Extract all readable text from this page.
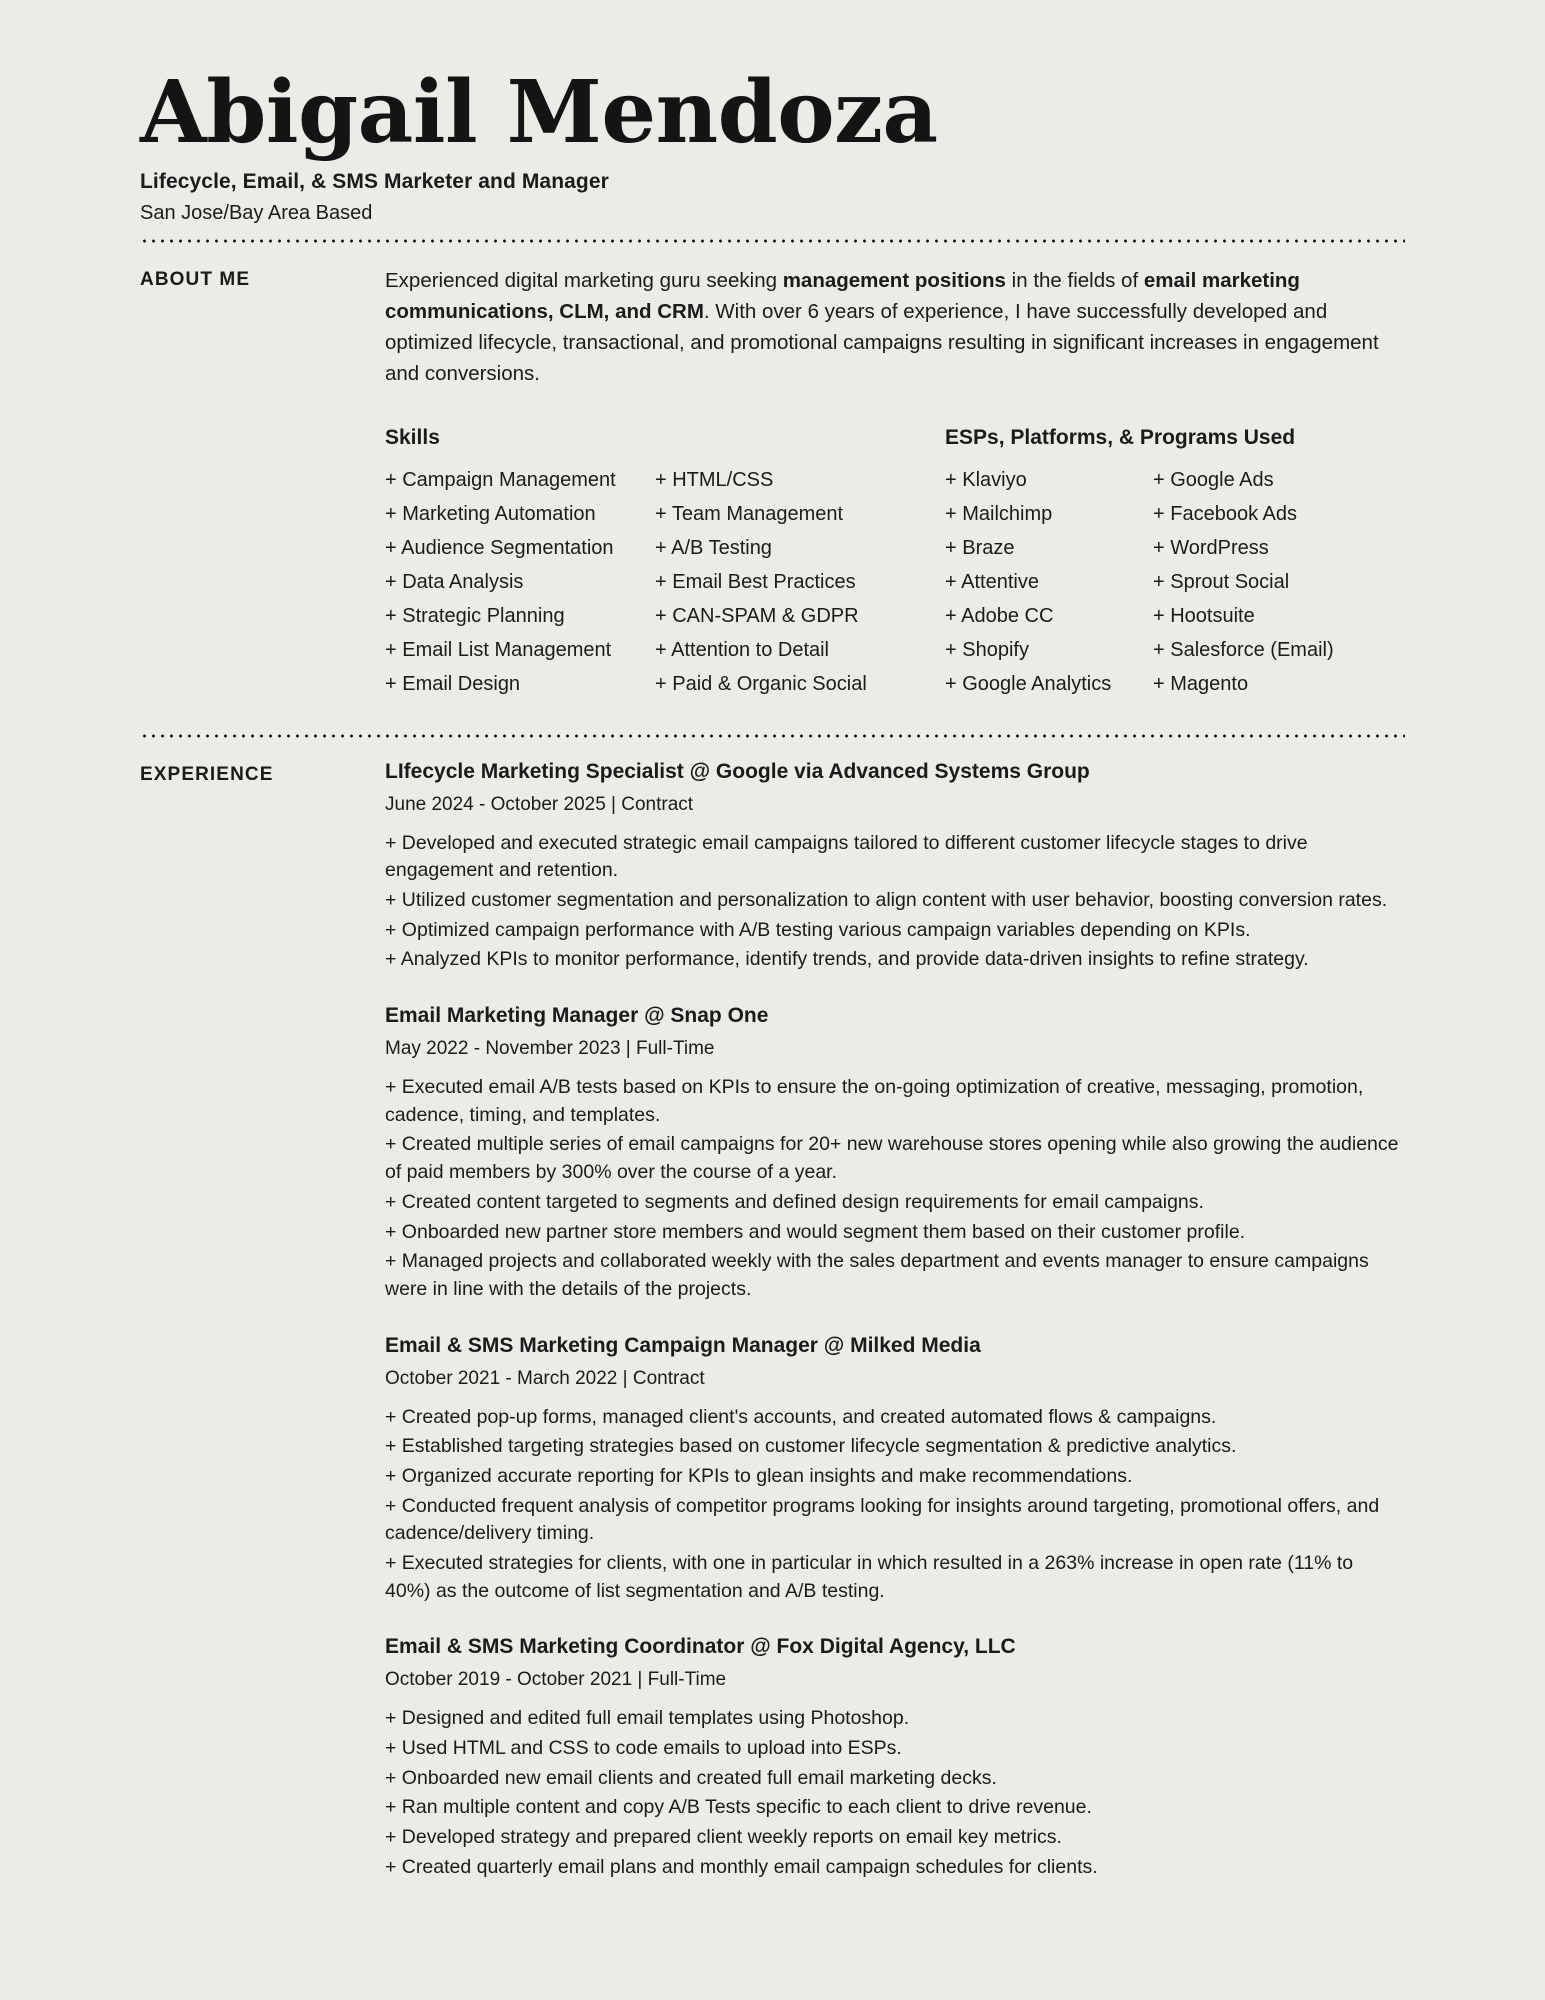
Abigail Mendoza
Lifecycle, Email, & SMS Marketer and Manager
San Jose/Bay Area Based
ABOUT ME	Experienced digital marketing guru seeking management positions in the fields of email marketing communications, CLM, and CRM. With over 6 years of experience, I have successfully developed and optimized lifecycle, transactional, and promotional campaigns resulting in significant increases in engagement and conversions.

Skills
+ Campaign Management
+ Marketing Automation
+ Audience Segmentation
+ Data Analysis
+ Strategic Planning
+ Email List Management
+ Email Design
+ HTML/CSS
+ Team Management
+ A/B Testing
+ Email Best Practices
+ CAN-SPAM & GDPR
+ Attention to Detail
+ Paid & Organic Social
ESPs, Platforms, & Programs Used
+ Klaviyo
+ Mailchimp
+ Braze
+ Attentive
+ Adobe CC
+ Shopify
+ Google Analytics
+ Google Ads
+ Facebook Ads
+ WordPress
+ Sprout Social
+ Hootsuite
+ Salesforce (Email)
+ Magento
EXPERIENCE	LIfecycle Marketing Specialist @ Google via Advanced Systems Group
June 2024 - October 2025 | Contract
+ Developed and executed strategic email campaigns tailored to different customer lifecycle stages to drive engagement and retention.
+ Utilized customer segmentation and personalization to align content with user behavior, boosting conversion rates.
+ Optimized campaign performance with A/B testing various campaign variables depending on KPIs.
+ Analyzed KPIs to monitor performance, identify trends, and provide data-driven insights to refine strategy.
Email Marketing Manager @ Snap One
May 2022 - November 2023 | Full-Time
+ Executed email A/B tests based on KPIs to ensure the on-going optimization of creative, messaging, promotion, cadence, timing, and templates.
+ Created multiple series of email campaigns for 20+ new warehouse stores opening while also growing the audience of paid members by 300% over the course of a year.
+ Created content targeted to segments and defined design requirements for email campaigns.
+ Onboarded new partner store members and would segment them based on their customer profile.
+ Managed projects and collaborated weekly with the sales department and events manager to ensure campaigns were in line with the details of the projects.
Email & SMS Marketing Campaign Manager @ Milked Media
October 2021 - March 2022 | Contract
+ Created pop-up forms, managed client's accounts, and created automated flows & campaigns.
+ Established targeting strategies based on customer lifecycle segmentation & predictive analytics.
+ Organized accurate reporting for KPIs to glean insights and make recommendations.
+ Conducted frequent analysis of competitor programs looking for insights around targeting, promotional offers, and cadence/delivery timing.
+ Executed strategies for clients, with one in particular in which resulted in a 263% increase in open rate (11% to 40%) as the outcome of list segmentation and A/B testing.
Email & SMS Marketing Coordinator @ Fox Digital Agency, LLC
October 2019 - October 2021 | Full-Time
+ Designed and edited full email templates using Photoshop.
+ Used HTML and CSS to code emails to upload into ESPs.
+ Onboarded new email clients and created full email marketing decks.
+ Ran multiple content and copy A/B Tests specific to each client to drive revenue.
+ Developed strategy and prepared client weekly reports on email key metrics.
+ Created quarterly email plans and monthly email campaign schedules for clients.
